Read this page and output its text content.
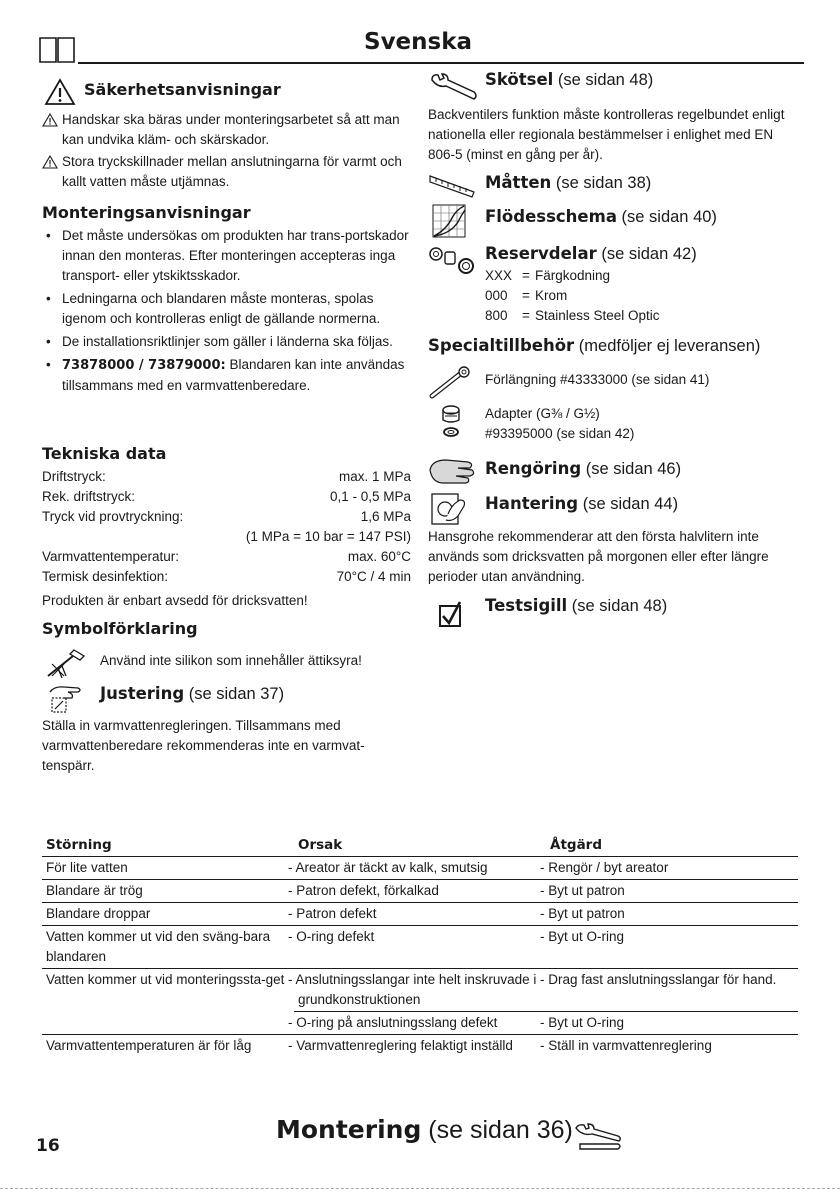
Svenska
Säkerhetsanvisningar
Handskar ska bäras under monteringsarbetet så att man kan undvika kläm- och skärskador.
Stora tryckskillnader mellan anslutningarna för varmt och kallt vatten måste utjämnas.
Monteringsanvisningar
• Det måste undersökas om produkten har trans-portskador innan den monteras. Efter monteringen accepteras inga transport- eller ytskiktsskador.
• Ledningarna och blandaren måste monteras, spolas igenom och kontrolleras enligt de gällande normerna.
• De installationsriktlinjer som gäller i länderna ska följas.
• 73878000 / 73879000: Blandaren kan inte användas tillsammans med en varmvattenberedare.
Tekniska data
Driftstryck:	max. 1 MPa
Rek. driftstryck:	0,1 - 0,5 MPa
Tryck vid provtryckning:	1,6 MPa
(1 MPa = 10 bar = 147 PSI)
Varmvattentemperatur:	max. 60°C
Termisk desinfektion:	70°C / 4 min
Produkten är enbart avsedd för dricksvatten!
Symbolförklaring
Använd inte silikon som innehåller ättiksyra!
Justering (se sidan 37)
Ställa in varmvattenregleringen. Tillsammans med varmvattenberedare rekommenderas inte en varmvat-tenspärr.
Skötsel (se sidan 48)
Backventilers funktion måste kontrolleras regelbundet enligt nationella eller regionala bestämmelser i enlighet med EN 806-5 (minst en gång per år).
Måtten (se sidan 38)
Flödesschema (se sidan 40)
Reservdelar (se sidan 42)
XXX = Färgkodning
000 = Krom
800 = Stainless Steel Optic
Specialtillbehör (medföljer ej leveransen)
Förlängning #43333000 (se sidan 41)
Adapter (G⅜ / G½)
#93395000 (se sidan 42)
Rengöring (se sidan 46)
Hantering (se sidan 44)
Hansgrohe rekommenderar att den första halvlitern inte används som dricksvatten på morgonen eller efter längre perioder utan användning.
Testsigill (se sidan 48)
Störning	Orsak	Åtgärd
För lite vatten	- Areator är täckt av kalk, smutsig	- Rengör / byt areator
Blandare är trög	- Patron defekt, förkalkad	- Byt ut patron
Blandare droppar	- Patron defekt	- Byt ut patron
Vatten kommer ut vid den sväng-bara blandaren	- O-ring defekt	- Byt ut O-ring
Vatten kommer ut vid monteringssta-get	- Anslutningsslangar inte helt inskruvade i grundkonstruktionen	- Drag fast anslutningsslangar för hand.
	- O-ring på anslutningsslang defekt	- Byt ut O-ring
Varmvattentemperaturen är för låg	- Varmvattenreglering felaktigt inställd	- Ställ in varmvattenreglering
16
Montering (se sidan 36)
